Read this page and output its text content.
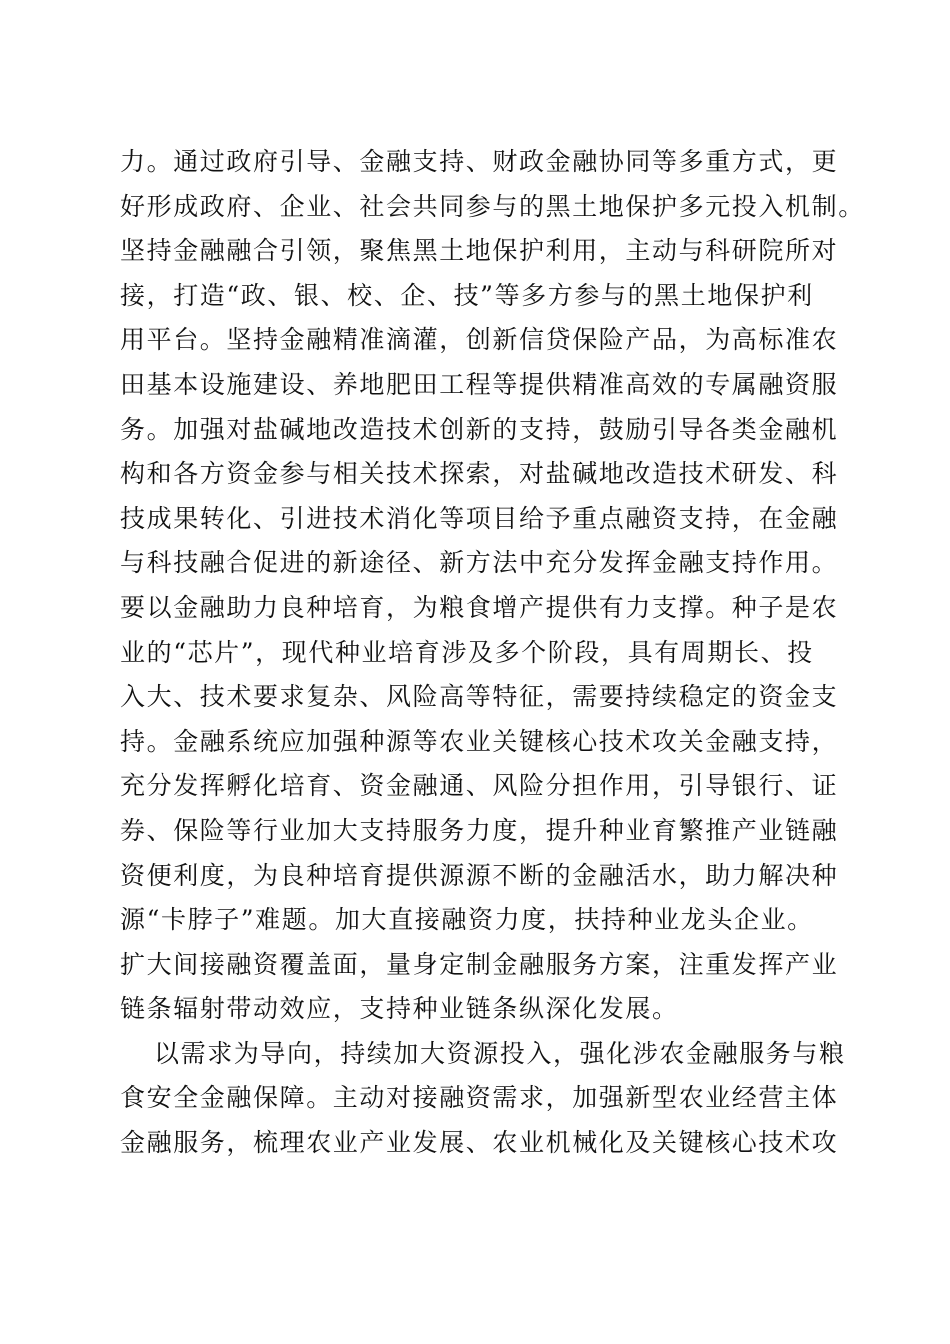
力。通过政府引导、金融支持、财政金融协同等多重方式，更

好形成政府、企业、社会共同参与的黑土地保护多元投入机制。

坚持金融融合引领，聚焦黑土地保护利用，主动与科研院所对

接，打造“政、银、校、企、技”等多方参与的黑土地保护利

用平台。坚持金融精准滴灌，创新信贷保险产品，为高标准农

田基本设施建设、养地肥田工程等提供精准高效的专属融资服

务。加强对盐碱地改造技术创新的支持，鼓励引导各类金融机

构和各方资金参与相关技术探索，对盐碱地改造技术研发、科

技成果转化、引进技术消化等项目给予重点融资支持，在金融

与科技融合促进的新途径、新方法中充分发挥金融支持作用。

要以金融助力良种培育，为粮食增产提供有力支撑。种子是农

业的“芯片”，现代种业培育涉及多个阶段，具有周期长、投

入大、技术要求复杂、风险高等特征，需要持续稳定的资金支

持。金融系统应加强种源等农业关键核心技术攻关金融支持，

充分发挥孵化培育、资金融通、风险分担作用，引导银行、证

券、保险等行业加大支持服务力度，提升种业育繁推产业链融

资便利度，为良种培育提供源源不断的金融活水，助力解决种

源“卡脖子”难题。加大直接融资力度，扶持种业龙头企业。

扩大间接融资覆盖面，量身定制金融服务方案，注重发挥产业

链条辐射带动效应，支持种业链条纵深化发展。

以需求为导向，持续加大资源投入，强化涉农金融服务与粮

食安全金融保障。主动对接融资需求，加强新型农业经营主体

金融服务，梳理农业产业发展、农业机械化及关键核心技术攻
